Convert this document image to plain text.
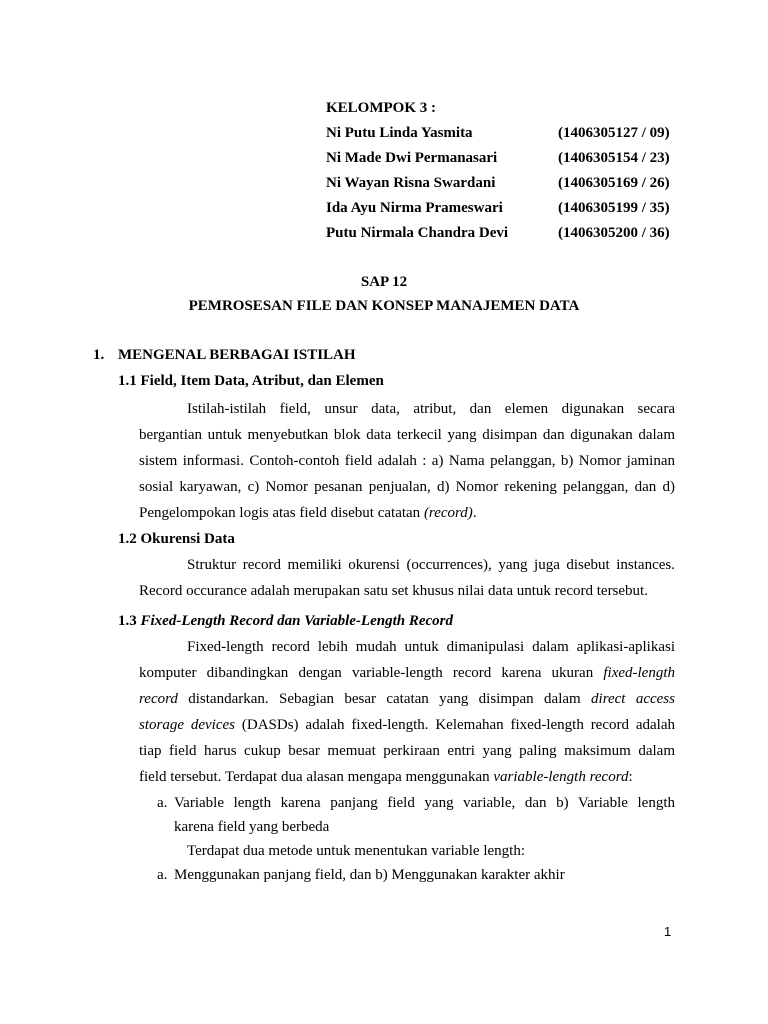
KELOMPOK 3 :
Ni Putu Linda Yasmita	(1406305127 / 09)
Ni Made Dwi Permanasari	(1406305154 / 23)
Ni Wayan Risna Swardani	(1406305169 / 26)
Ida Ayu Nirma Prameswari	(1406305199 / 35)
Putu Nirmala Chandra Devi	(1406305200 / 36)
SAP 12
PEMROSESAN FILE DAN KONSEP MANAJEMEN DATA
1. MENGENAL BERBAGAI ISTILAH
1.1 Field, Item Data, Atribut, dan Elemen
Istilah-istilah field, unsur data, atribut, dan elemen digunakan secara
bergantian untuk menyebutkan blok data terkecil yang disimpan dan digunakan dalam
sistem informasi. Contoh-contoh field adalah : a) Nama pelanggan, b) Nomor jaminan
sosial karyawan, c) Nomor pesanan penjualan, d) Nomor rekening pelanggan, dan d)
Pengelompokan logis atas field disebut catatan (record).
1.2 Okurensi Data
Struktur record memiliki okurensi (occurrences), yang juga disebut instances.
Record occurance adalah merupakan satu set khusus nilai data untuk record tersebut.
1.3 Fixed-Length Record dan Variable-Length Record
Fixed-length record lebih mudah untuk dimanipulasi dalam aplikasi-aplikasi
komputer dibandingkan dengan variable-length record karena ukuran fixed-length
record distandarkan. Sebagian besar catatan yang disimpan dalam direct access
storage devices (DASDs) adalah fixed-length. Kelemahan fixed-length record adalah
tiap field harus cukup besar memuat perkiraan entri yang paling maksimum dalam
field tersebut. Terdapat dua alasan mengapa menggunakan variable-length record:
a. Variable length karena panjang field yang variable, dan b) Variable length
karena field yang berbeda
Terdapat dua metode untuk menentukan variable length:
a. Menggunakan panjang field, dan b) Menggunakan karakter akhir
1
